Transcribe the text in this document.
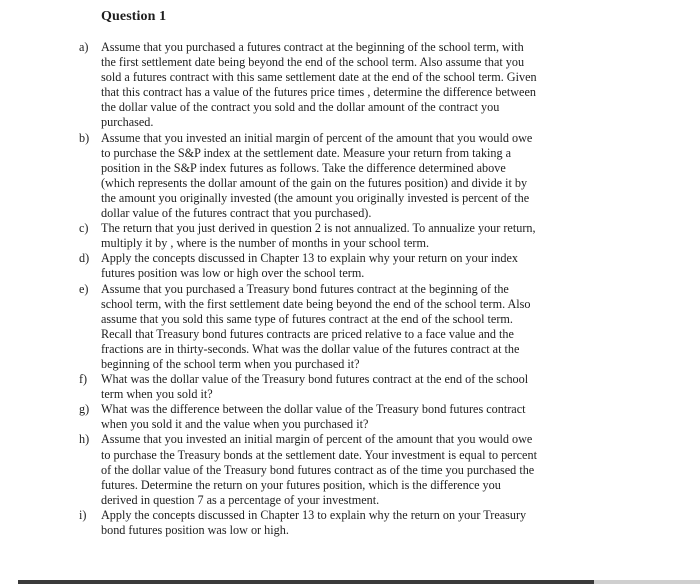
Question 1
a)	Assume that you purchased a futures contract at the beginning of the school term, with the first settlement date being beyond the end of the school term. Also assume that you sold a futures contract with this same settlement date at the end of the school term. Given that this contract has a value of the futures price times , determine the difference between the dollar value of the contract you sold and the dollar amount of the contract you purchased.
b) Assume that you invested an initial margin of percent of the amount that you would owe to purchase the S&P index at the settlement date. Measure your return from taking a position in the S&P index futures as follows. Take the difference determined above (which represents the dollar amount of the gain on the futures position) and divide it by the amount you originally invested (the amount you originally invested is percent of the dollar value of the futures contract that you purchased).
c)	The return that you just derived in question 2 is not annualized. To annualize your return, multiply it by , where is the number of months in your school term.
d) Apply the concepts discussed in Chapter 13 to explain why your return on your index futures position was low or high over the school term.
e)	Assume that you purchased a Treasury bond futures contract at the beginning of the school term, with the first settlement date being beyond the end of the school term. Also assume that you sold this same type of futures contract at the end of the school term. Recall that Treasury bond futures contracts are priced relative to a face value and the fractions are in thirty-seconds. What was the dollar value of the futures contract at the beginning of the school term when you purchased it?
f)	What was the dollar value of the Treasury bond futures contract at the end of the school term when you sold it?
g) What was the difference between the dollar value of the Treasury bond futures contract when you sold it and the value when you purchased it?
h) Assume that you invested an initial margin of percent of the amount that you would owe to purchase the Treasury bonds at the settlement date. Your investment is equal to percent of the dollar value of the Treasury bond futures contract as of the time you purchased the futures. Determine the return on your futures position, which is the difference you derived in question 7 as a percentage of your investment.
i)	Apply the concepts discussed in Chapter 13 to explain why the return on your Treasury bond futures position was low or high.
